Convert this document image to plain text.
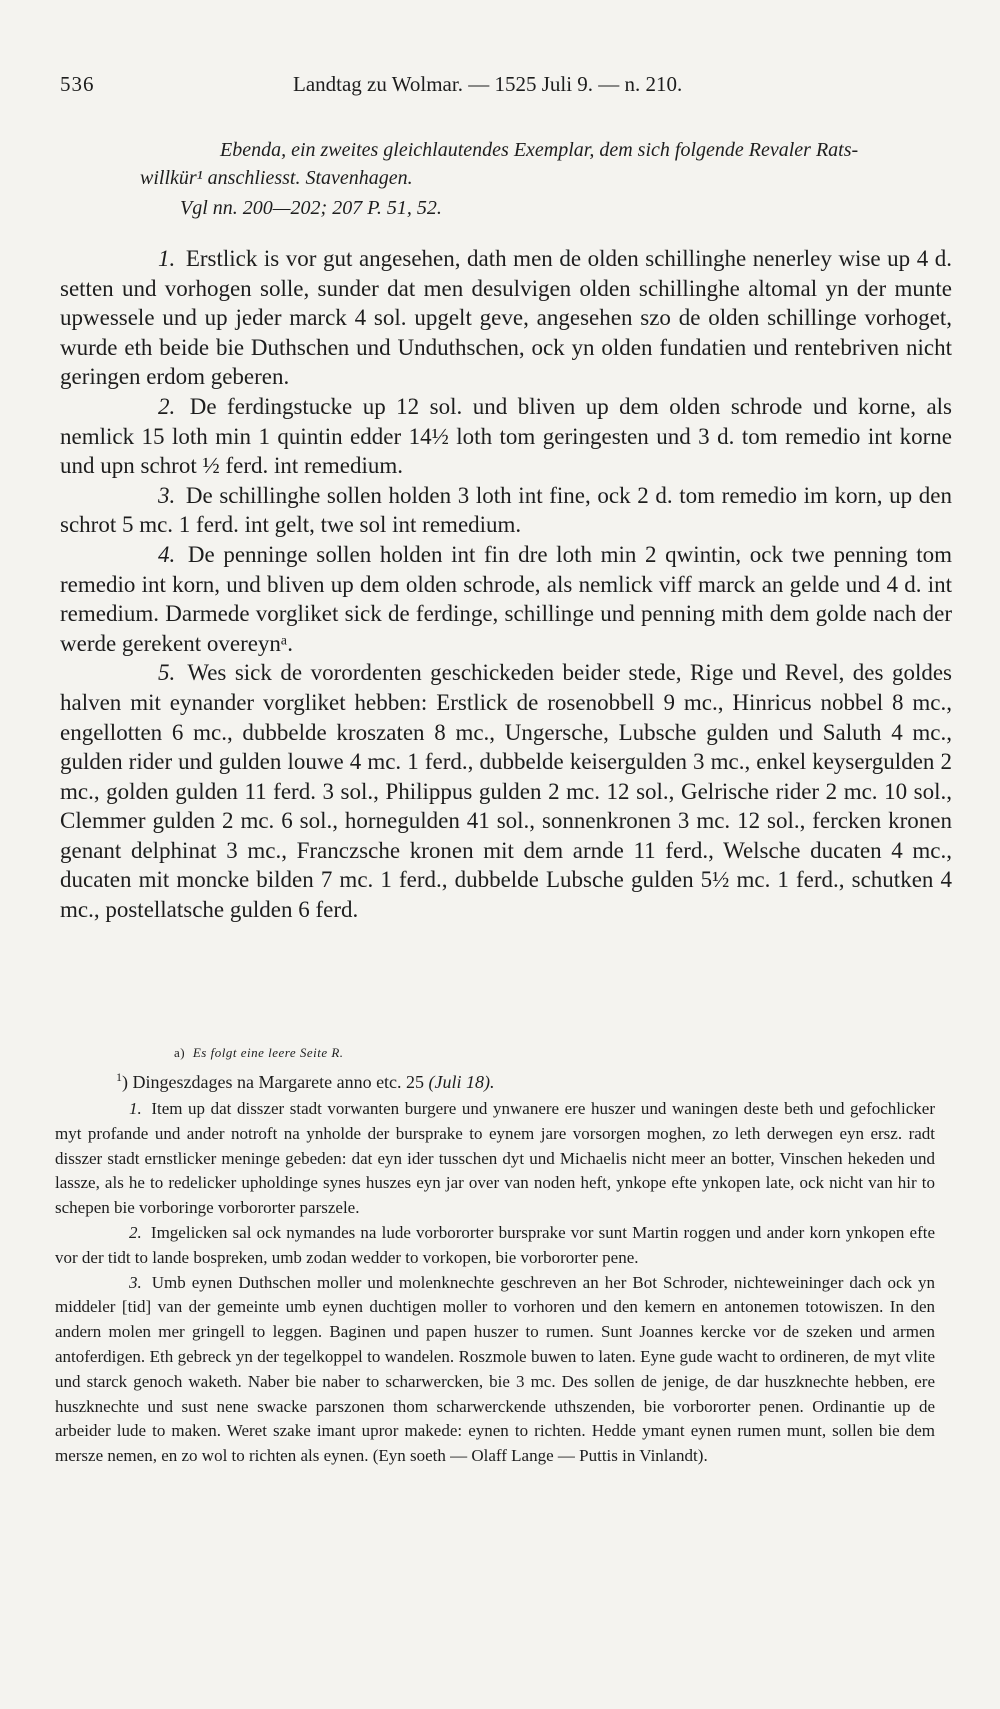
536	Landtag zu Wolmar. — 1525 Juli 9. — n. 210.

Ebenda, ein zweites gleichlautendes Exemplar, dem sich folgende Revaler Rats-

willkür¹ anschliesst. Stavenhagen.

Vgl nn. 200—202; 207 P. 51, 52.

1. Erstlick is vor gut angesehen, dath men de olden schillinghe nenerley wise up 4 d. setten und vorhogen solle, sunder dat men desulvigen olden schillinghe altomal yn der munte upwessele und up jeder marck 4 sol. upgelt geve, angesehen szo de olden schillinge vorhoget, wurde eth beide bie Duthschen und Unduthschen, ock yn olden fundatien und rentebriven nicht geringen erdom geberen.

2. De ferdingstucke up 12 sol. und bliven up dem olden schrode und korne, als nemlick 15 loth min 1 quintin edder 14½ loth tom geringesten und 3 d. tom remedio int korne und upn schrot ½ ferd. int remedium.

3. De schillinghe sollen holden 3 loth int fine, ock 2 d. tom remedio im korn, up den schrot 5 mc. 1 ferd. int gelt, twe sol int remedium.

4. De penninge sollen holden int fin dre loth min 2 qwintin, ock twe penning tom remedio int korn, und bliven up dem olden schrode, als nemlick viff marck an gelde und 4 d. int remedium. Darmede vorgliket sick de ferdinge, schillinge und penning mith dem golde nach der werde gerekent overeynᵃ.

5. Wes sick de vorordenten geschickeden beider stede, Rige und Revel, des goldes halven mit eynander vorgliket hebben: Erstlick de rosenobbell 9 mc., Hinricus nobbel 8 mc., engellotten 6 mc., dubbelde kroszaten 8 mc., Ungersche, Lubsche gulden und Saluth 4 mc., gulden rider und gulden louwe 4 mc. 1 ferd., dubbelde keisergulden 3 mc., enkel keysergulden 2 mc., golden gulden 11 ferd. 3 sol., Philippus gulden 2 mc. 12 sol., Gelrische rider 2 mc. 10 sol., Clemmer gulden 2 mc. 6 sol., hornegulden 41 sol., sonnenkronen 3 mc. 12 sol., fercken kronen genant delphinat 3 mc., Franczsche kronen mit dem arnde 11 ferd., Welsche ducaten 4 mc., ducaten mit moncke bilden 7 mc. 1 ferd., dubbelde Lubsche gulden 5½ mc. 1 ferd., schutken 4 mc., postellatsche gulden 6 ferd.

a) Es folgt eine leere Seite R.
$^1$) Dingeszdages na Margarete anno etc. 25 (Juli 18).

1. Item up dat disszer stadt vorwanten burgere und ynwanere ere huszer und waningen deste beth und gefochlicker myt profande und ander notroft na ynholde der bursprake to eynem jare vorsorgen moghen, zo leth derwegen eyn ersz. radt disszer stadt ernstlicker meninge gebeden: dat eyn ider tusschen dyt und Michaelis nicht meer an botter, Vinschen hekeden und lassze, als he to redelicker upholdinge synes huszes eyn jar over van noden heft, ynkope efte ynkopen late, ock nicht van hir to schepen bie vorboringe vorbororter parszele.

2. Imgelicken sal ock nymandes na lude vorbororter bursprake vor sunt Martin roggen und ander korn ynkopen efte vor der tidt to lande bospreken, umb zodan wedder to vorkopen, bie vorbororter pene.

3. Umb eynen Duthschen moller und molenknechte geschreven an her Bot Schroder, nichteweininger dach ock yn middeler [tid] van der gemeinte umb eynen duchtigen moller to vorhoren und den kemern en antonemen totowiszen. In den andern molen mer gringell to leggen. Baginen und papen huszer to rumen. Sunt Joannes kercke vor de szeken und armen antoferdigen. Eth gebreck yn der tegelkoppel to wandelen. Roszmole buwen to laten. Eyne gude wacht to ordineren, de myt vlite und starck genoch waketh. Naber bie naber to scharwercken, bie 3 mc. Des sollen de jenige, de dar huszknechte hebben, ere huszknechte und sust nene swacke parszonen thom scharwerckende uthszenden, bie vorbororter penen. Ordinantie up de arbeider lude to maken. Weret szake imant upror makede: eynen to richten. Hedde ymant eynen rumen munt, sollen bie dem mersze nemen, en zo wol to richten als eynen. (Eyn soeth — Olaff Lange — Puttis in Vinlandt).
